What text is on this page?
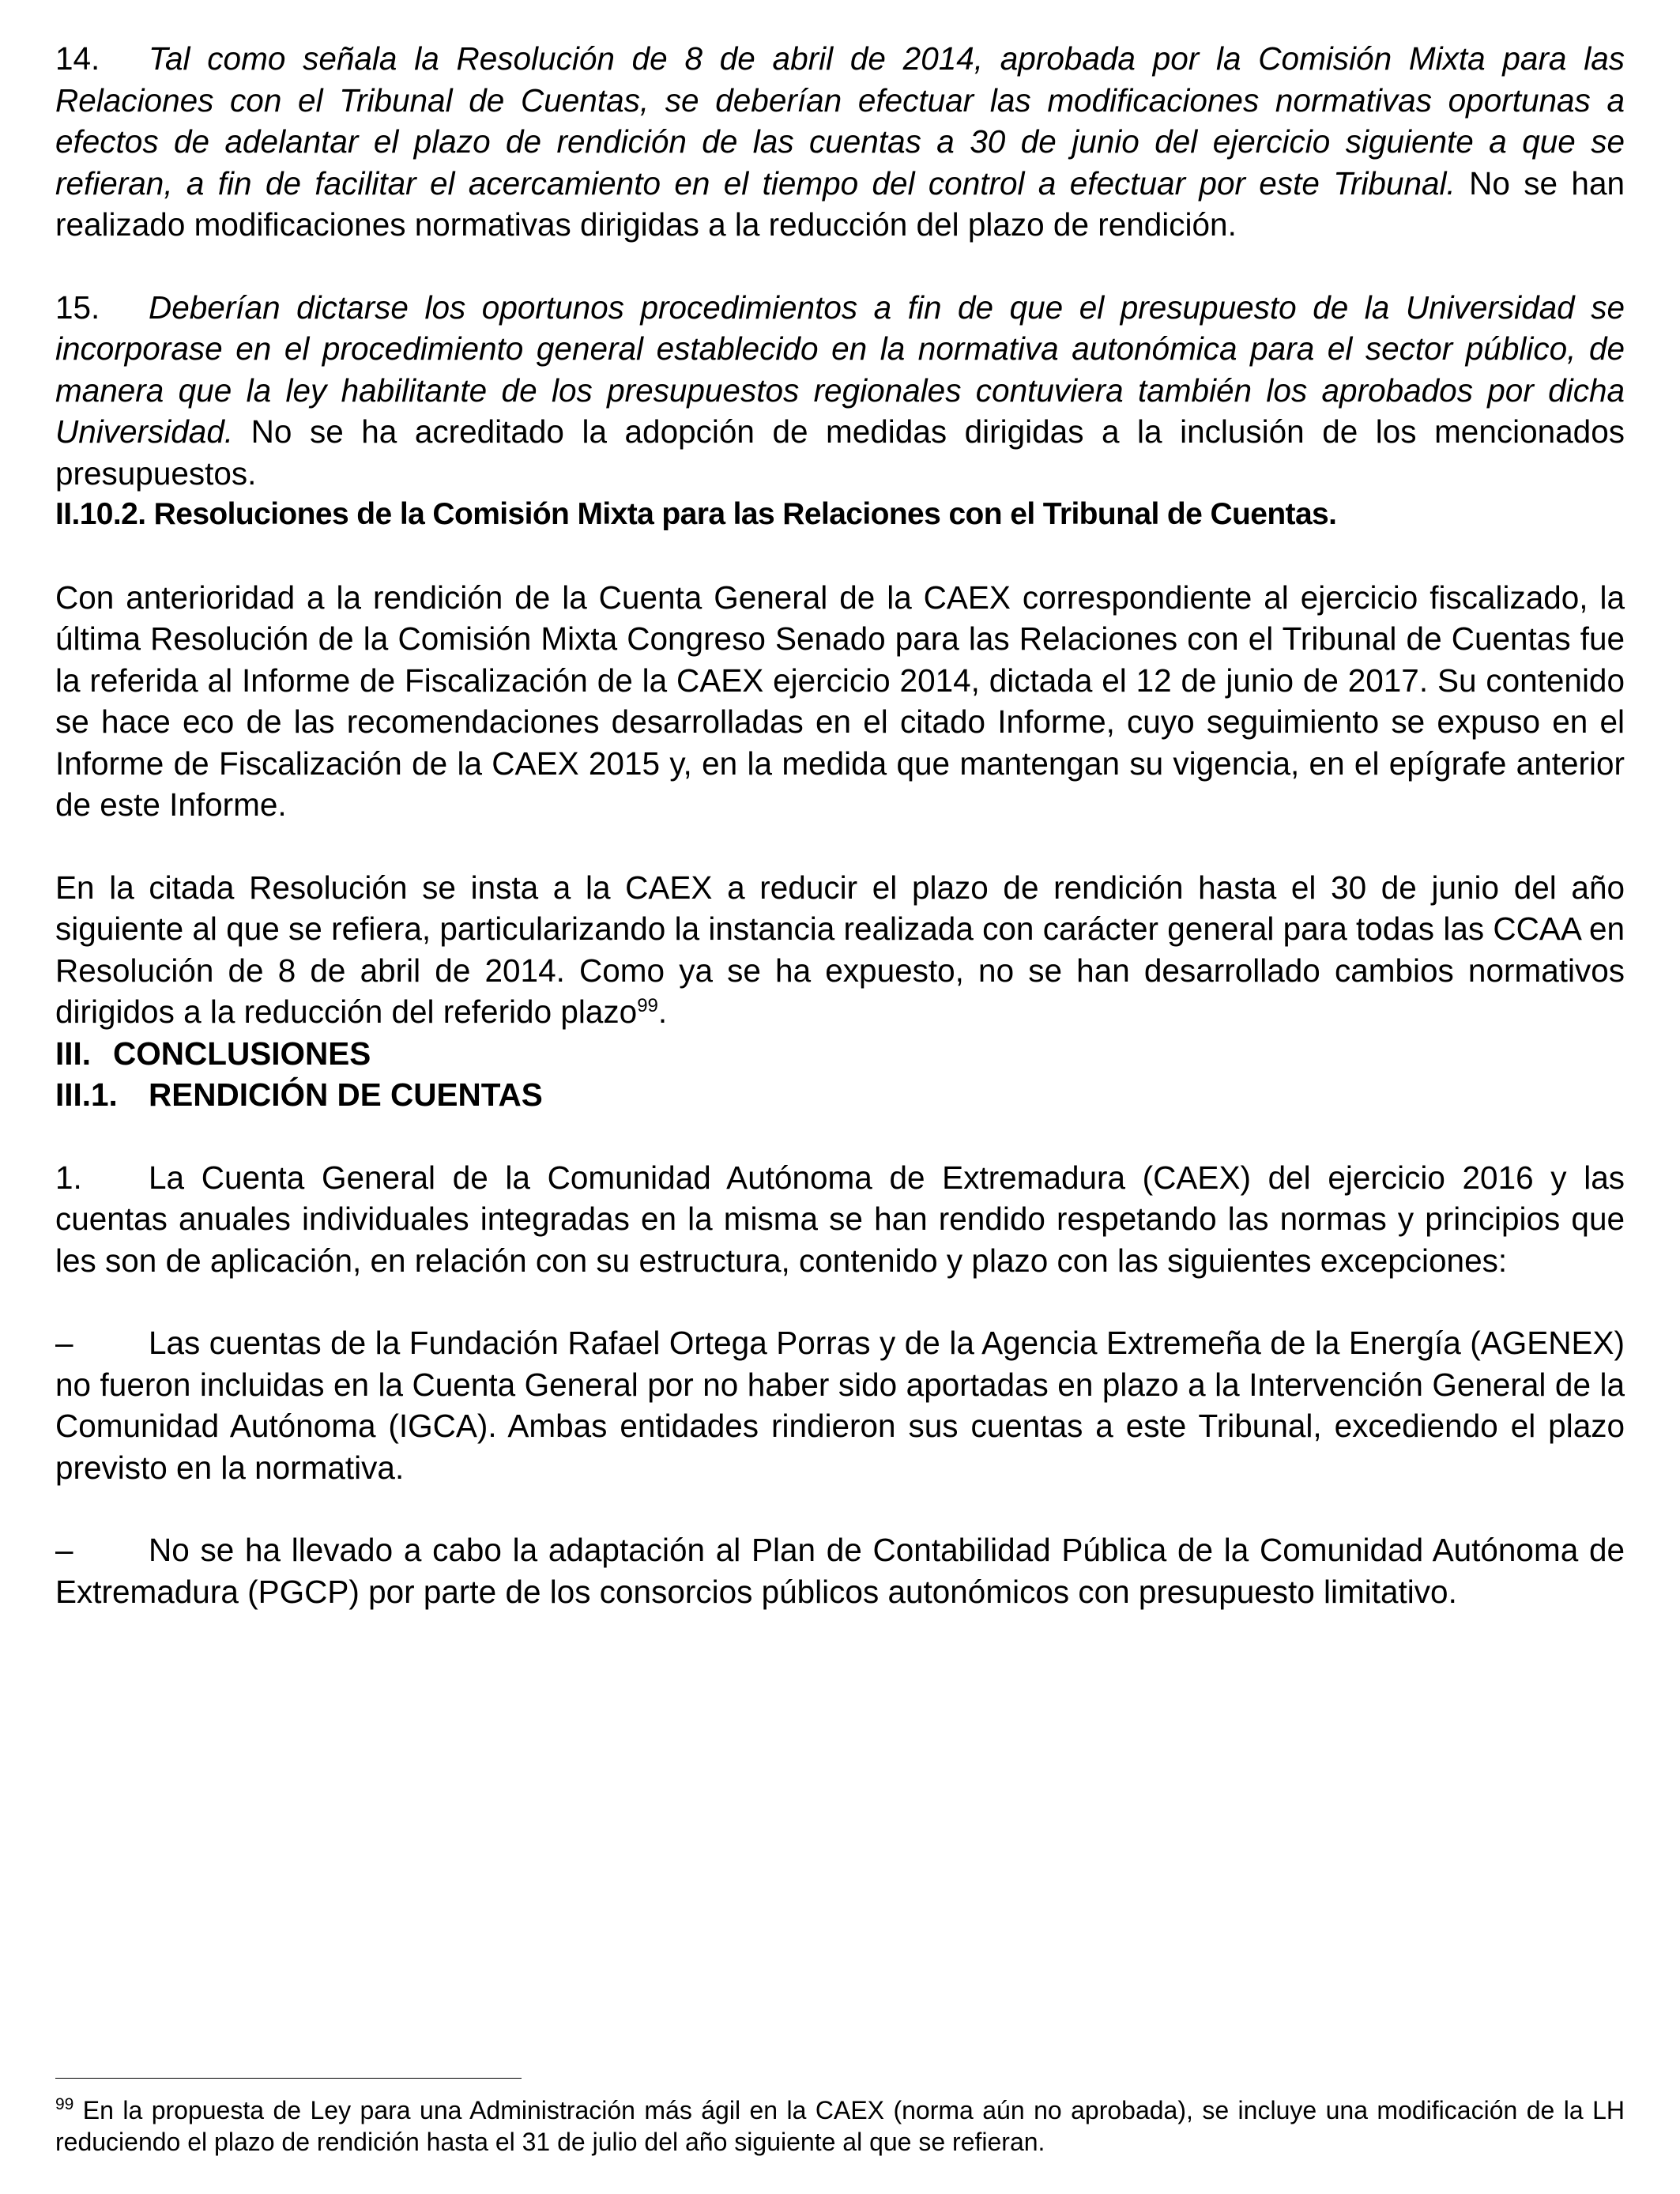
14. Tal como señala la Resolución de 8 de abril de 2014, aprobada por la Comisión Mixta para las Relaciones con el Tribunal de Cuentas, se deberían efectuar las modificaciones normativas oportunas a efectos de adelantar el plazo de rendición de las cuentas a 30 de junio del ejercicio siguiente a que se refieran, a fin de facilitar el acercamiento en el tiempo del control a efectuar por este Tribunal. No se han realizado modificaciones normativas dirigidas a la reducción del plazo de rendición.

15. Deberían dictarse los oportunos procedimientos a fin de que el presupuesto de la Universidad se incorporase en el procedimiento general establecido en la normativa autonómica para el sector público, de manera que la ley habilitante de los presupuestos regionales contuviera también los aprobados por dicha Universidad. No se ha acreditado la adopción de medidas dirigidas a la inclusión de los mencionados presupuestos.

II.10.2. Resoluciones de la Comisión Mixta para las Relaciones con el Tribunal de Cuentas.

Con anterioridad a la rendición de la Cuenta General de la CAEX correspondiente al ejercicio fiscalizado, la última Resolución de la Comisión Mixta Congreso Senado para las Relaciones con el Tribunal de Cuentas fue la referida al Informe de Fiscalización de la CAEX ejercicio 2014, dictada el 12 de junio de 2017. Su contenido se hace eco de las recomendaciones desarrolladas en el citado Informe, cuyo seguimiento se expuso en el Informe de Fiscalización de la CAEX 2015 y, en la medida que mantengan su vigencia, en el epígrafe anterior de este Informe.

En la citada Resolución se insta a la CAEX a reducir el plazo de rendición hasta el 30 de junio del año siguiente al que se refiera, particularizando la instancia realizada con carácter general para todas las CCAA en Resolución de 8 de abril de 2014. Como ya se ha expuesto, no se han desarrollado cambios normativos dirigidos a la reducción del referido plazo$^{99}$.

III. CONCLUSIONES

III.1. RENDICIÓN DE CUENTAS

1. La Cuenta General de la Comunidad Autónoma de Extremadura (CAEX) del ejercicio 2016 y las cuentas anuales individuales integradas en la misma se han rendido respetando las normas y principios que les son de aplicación, en relación con su estructura, contenido y plazo con las siguientes excepciones:

– Las cuentas de la Fundación Rafael Ortega Porras y de la Agencia Extremeña de la Energía (AGENEX) no fueron incluidas en la Cuenta General por no haber sido aportadas en plazo a la Intervención General de la Comunidad Autónoma (IGCA). Ambas entidades rindieron sus cuentas a este Tribunal, excediendo el plazo previsto en la normativa.

– No se ha llevado a cabo la adaptación al Plan de Contabilidad Pública de la Comunidad Autónoma de Extremadura (PGCP) por parte de los consorcios públicos autonómicos con presupuesto limitativo.

$^{99}$ En la propuesta de Ley para una Administración más ágil en la CAEX (norma aún no aprobada), se incluye una modificación de la LH reduciendo el plazo de rendición hasta el 31 de julio del año siguiente al que se refieran.
